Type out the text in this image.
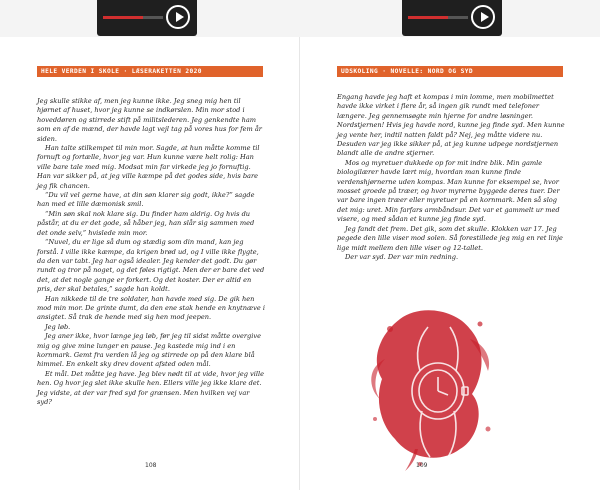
HELE VERDEN I SKOLE · LÆSERAKETTEN 2020

Jeg skulle stikke af, men jeg kunne ikke. Jeg sneg mig hen til hjørnet af huset, hvor jeg kunne se indkørslen. Min mor stod i hoveddøren og stirrede stift på militslederen. Jeg genkendte ham som en af de mænd, der havde lagt vejl tag på vores hus for fem år siden.

Han talte stilkempet til min mor. Sagde, at hun måtte komme til fornuft og fortælle, hvor jeg var. Hun kunne være helt rolig: Han ville bare tale med mig. Modsat min far virkede jeg jo fornuftig. Han var sikker på, at jeg ville kæmpe på det godes side, hvis bare jeg fik chancen.

“Du vil vel gerne have, at din søn klarer sig godt, ikke?” sagde han med et lille dæmonisk smil.

“Min søn skal nok klare sig. Du finder ham aldrig. Og hvis du påstår, at du er det gode, så håber jeg, han slår sig sammen med det onde selv,” hvislede min mor.

“Nuvel, du er lige så dum og stædig som din mand, kan jeg forstå. I ville ikke kæmpe, da krigen brød ud, og I ville ikke flygte, da den var tabt. Jeg har også idealer. Jeg kender det godt. Du gør rundt og tror på noget, og det føles rigtigt. Men der er bare det ved det, at det nogle gange er forkert. Og det koster. Der er altid en pris, der skal betales,” sagde han koldt.

Han nikkede til de tre soldater, han havde med sig. De gik hen mod min mor. De grinte dumt, da den ene stak hende en knytnæve i ansigtet. Så trak de hende med sig hen mod jeepen.

Jeg løb.

Jeg aner ikke, hvor længe jeg løb, før jeg til sidst måtte overgive mig og give mine lunger en pause. Jeg kastede mig ind i en kornmark. Gemt fra verden lå jeg og stirrede op på den klare blå himmel. En enkelt sky drev dovent afsted oden mål.

Et mål. Det måtte jeg have. Jeg blev nødt til at vide, hvor jeg ville hen. Og hvor jeg slet ikke skulle hen. Ellers ville jeg ikke klare det. Jeg vidste, at der var fred syd for grænsen. Men hvilken vej var syd?

108
UDSKOLING · NOVELLE: NORD OG SYD

Engang havde jeg haft et kompas i min lomme, men mobilmettet havde ikke virket i flere år, så ingen gik rundt med telefoner længere. Jeg gennemsøgte min hjerne for andre løsninger. Nordstjernen! Hvis jeg havde nord, kunne jeg finde syd. Men kunne jeg vente her, indtil natten faldt på? Nej, jeg måtte videre nu. Desuden var jeg ikke sikker på, at jeg kunne udpege nordstjernen blandt alle de andre stjerner.

Mos og myretuer dukkede op for mit indre blik. Min gamle biologilærer havde lært mig, hvordan man kunne finde verdenshjørnerne uden kompas. Man kunne for eksempel se, hvor mosset groede på træer, og hvor myrerne byggede deres tuer. Der var bare ingen træer eller myretuer på en kornmark. Men så slog det mig: uret. Min farfars armbåndsur. Det var et gammelt ur med visere, og med sådan et kunne jeg finde syd.

Jeg fandt det frem. Det gik, som det skulle. Klokken var 17. Jeg pegede den lille viser mod solen. Så forestillede jeg mig en ret linje lige midt mellem den lille viser og 12-tallet.

Der var syd. Der var min redning.

109
